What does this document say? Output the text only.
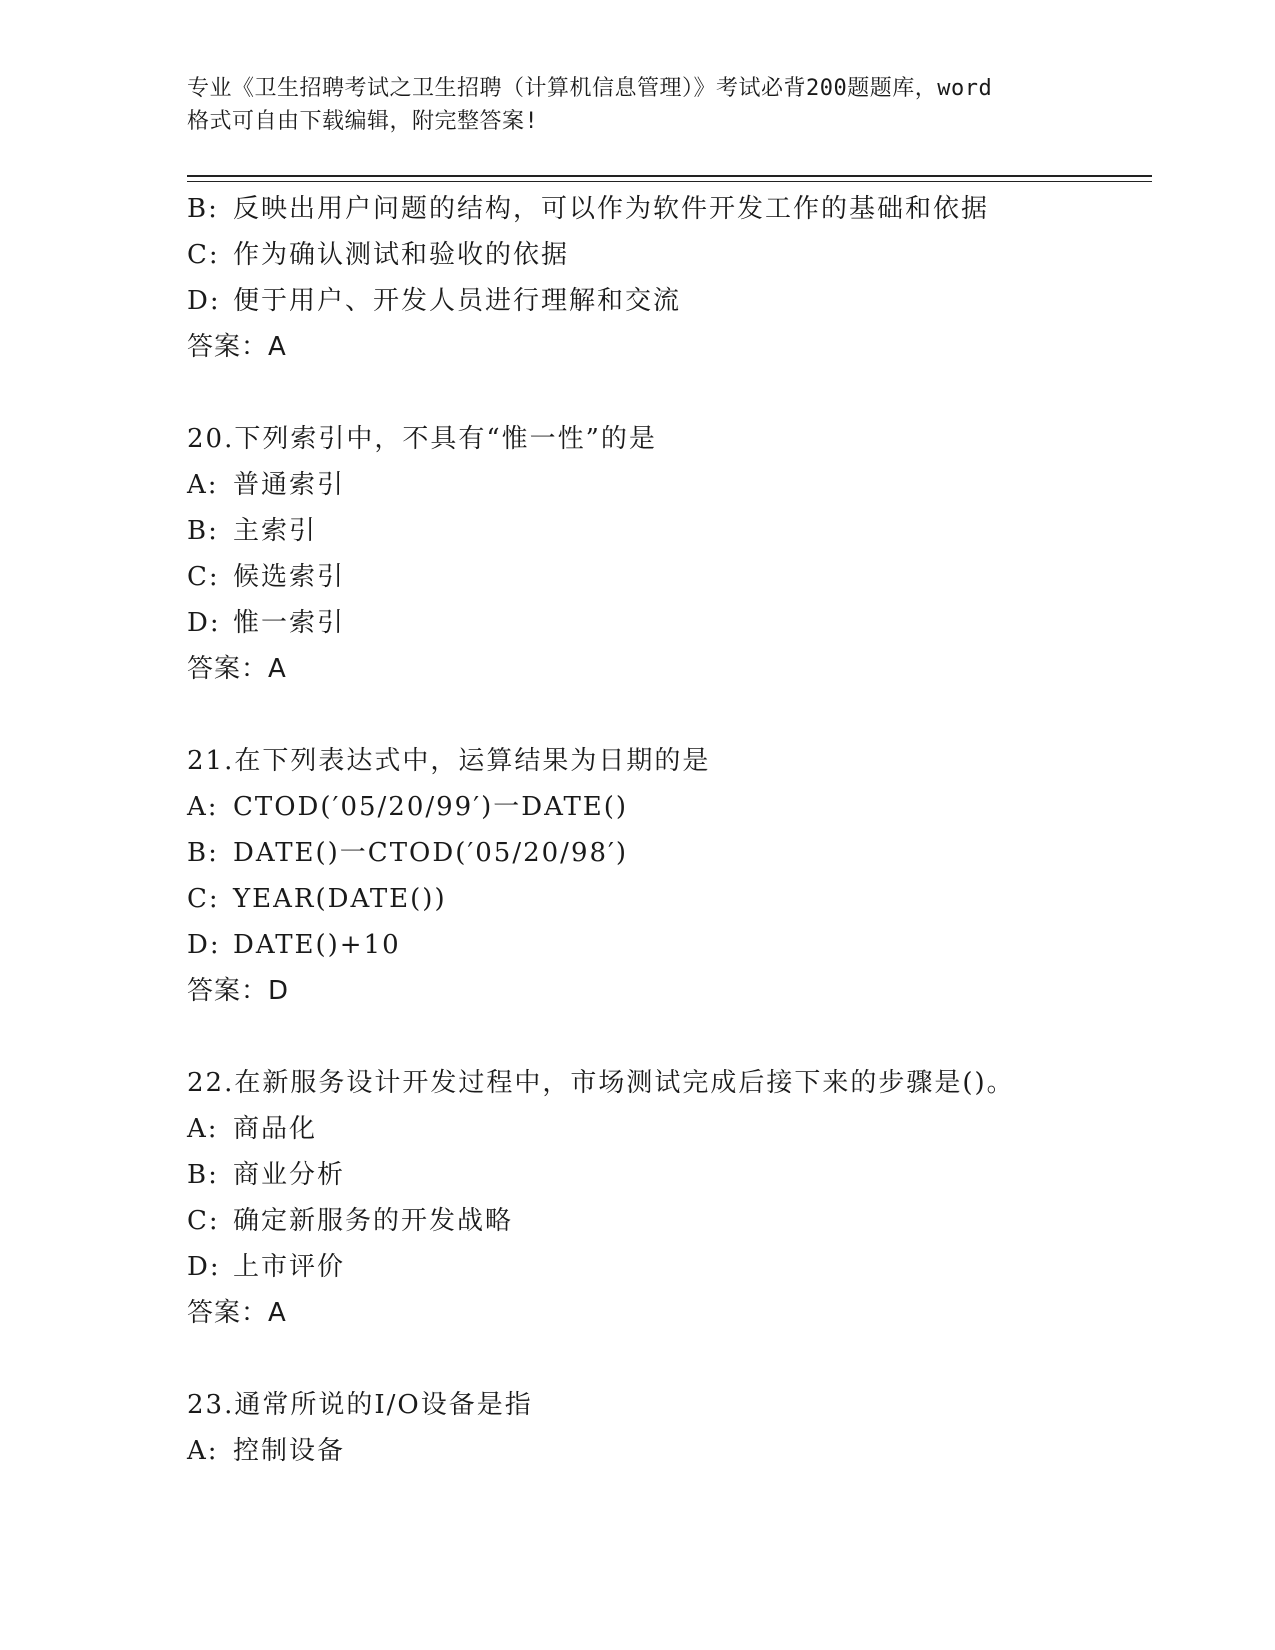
专业《卫生招聘考试之卫生招聘（计算机信息管理）》考试必背200题题库，word
格式可自由下载编辑，附完整答案!
B: 反映出用户问题的结构，可以作为软件开发工作的基础和依据
C: 作为确认测试和验收的依据
D: 便于用户、开发人员进行理解和交流
答案：A
20.下列索引中，不具有“惟一性”的是
A: 普通索引
B: 主索引
C: 候选索引
D: 惟一索引
答案：A
21.在下列表达式中，运算结果为日期的是
A: CTOD(′05/20/99′)一DATE()
B: DATE()一CTOD(′05/20/98′)
C: YEAR(DATE())
D: DATE()+10
答案：D
22.在新服务设计开发过程中，市场测试完成后接下来的步骤是()。
A: 商品化
B: 商业分析
C: 确定新服务的开发战略
D: 上市评价
答案：A
23.通常所说的I/O设备是指
A: 控制设备
